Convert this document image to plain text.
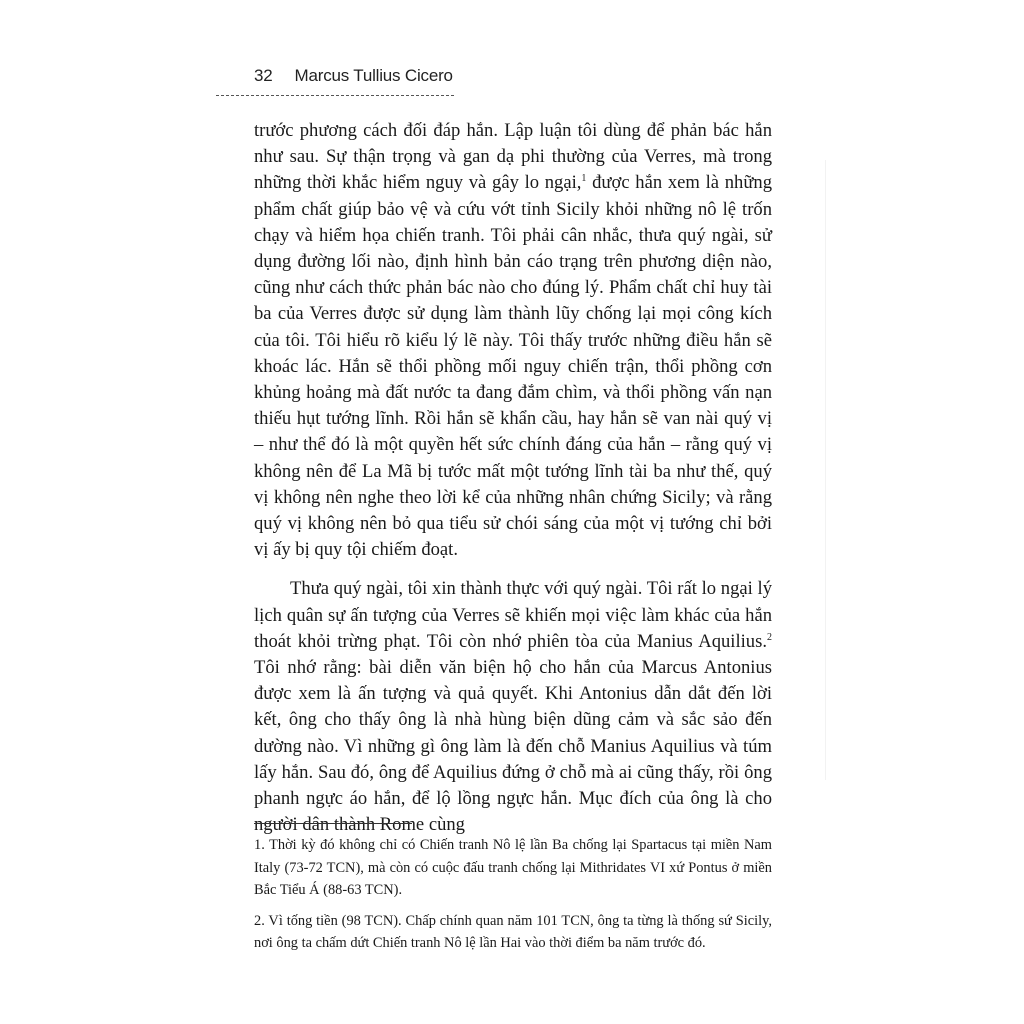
32 Marcus Tullius Cicero

trước phương cách đối đáp hắn. Lập luận tôi dùng để phản bác hắn như sau. Sự thận trọng và gan dạ phi thường của Verres, mà trong những thời khắc hiểm nguy và gây lo ngại,$^1$ được hắn xem là những phẩm chất giúp bảo vệ và cứu vớt tỉnh Sicily khỏi những nô lệ trốn chạy và hiểm họa chiến tranh. Tôi phải cân nhắc, thưa quý ngài, sử dụng đường lối nào, định hình bản cáo trạng trên phương diện nào, cũng như cách thức phản bác nào cho đúng lý. Phẩm chất chỉ huy tài ba của Verres được sử dụng làm thành lũy chống lại mọi công kích của tôi. Tôi hiểu rõ kiểu lý lẽ này. Tôi thấy trước những điều hắn sẽ khoác lác. Hắn sẽ thổi phồng mối nguy chiến trận, thổi phồng cơn khủng hoảng mà đất nước ta đang đắm chìm, và thổi phồng vấn nạn thiếu hụt tướng lĩnh. Rồi hắn sẽ khẩn cầu, hay hắn sẽ van nài quý vị – như thể đó là một quyền hết sức chính đáng của hắn – rằng quý vị không nên để La Mã bị tước mất một tướng lĩnh tài ba như thế, quý vị không nên nghe theo lời kể của những nhân chứng Sicily; và rằng quý vị không nên bỏ qua tiểu sử chói sáng của một vị tướng chỉ bởi vị ấy bị quy tội chiếm đoạt.

Thưa quý ngài, tôi xin thành thực với quý ngài. Tôi rất lo ngại lý lịch quân sự ấn tượng của Verres sẽ khiến mọi việc làm khác của hắn thoát khỏi trừng phạt. Tôi còn nhớ phiên tòa của Manius Aquilius.$^2$ Tôi nhớ rằng: bài diễn văn biện hộ cho hắn của Marcus Antonius được xem là ấn tượng và quả quyết. Khi Antonius dẫn dắt đến lời kết, ông cho thấy ông là nhà hùng biện dũng cảm và sắc sảo đến dường nào. Vì những gì ông làm là đến chỗ Manius Aquilius và túm lấy hắn. Sau đó, ông để Aquilius đứng ở chỗ mà ai cũng thấy, rồi ông phanh ngực áo hắn, để lộ lồng ngực hắn. Mục đích của ông là cho người dân thành Rome cùng

1. Thời kỳ đó không chỉ có Chiến tranh Nô lệ lần Ba chống lại Spartacus tại miền Nam Italy (73-72 TCN), mà còn có cuộc đấu tranh chống lại Mithridates VI xứ Pontus ở miền Bắc Tiểu Á (88-63 TCN).

2. Vì tống tiền (98 TCN). Chấp chính quan năm 101 TCN, ông ta từng là thống sứ Sicily, nơi ông ta chấm dứt Chiến tranh Nô lệ lần Hai vào thời điểm ba năm trước đó.
